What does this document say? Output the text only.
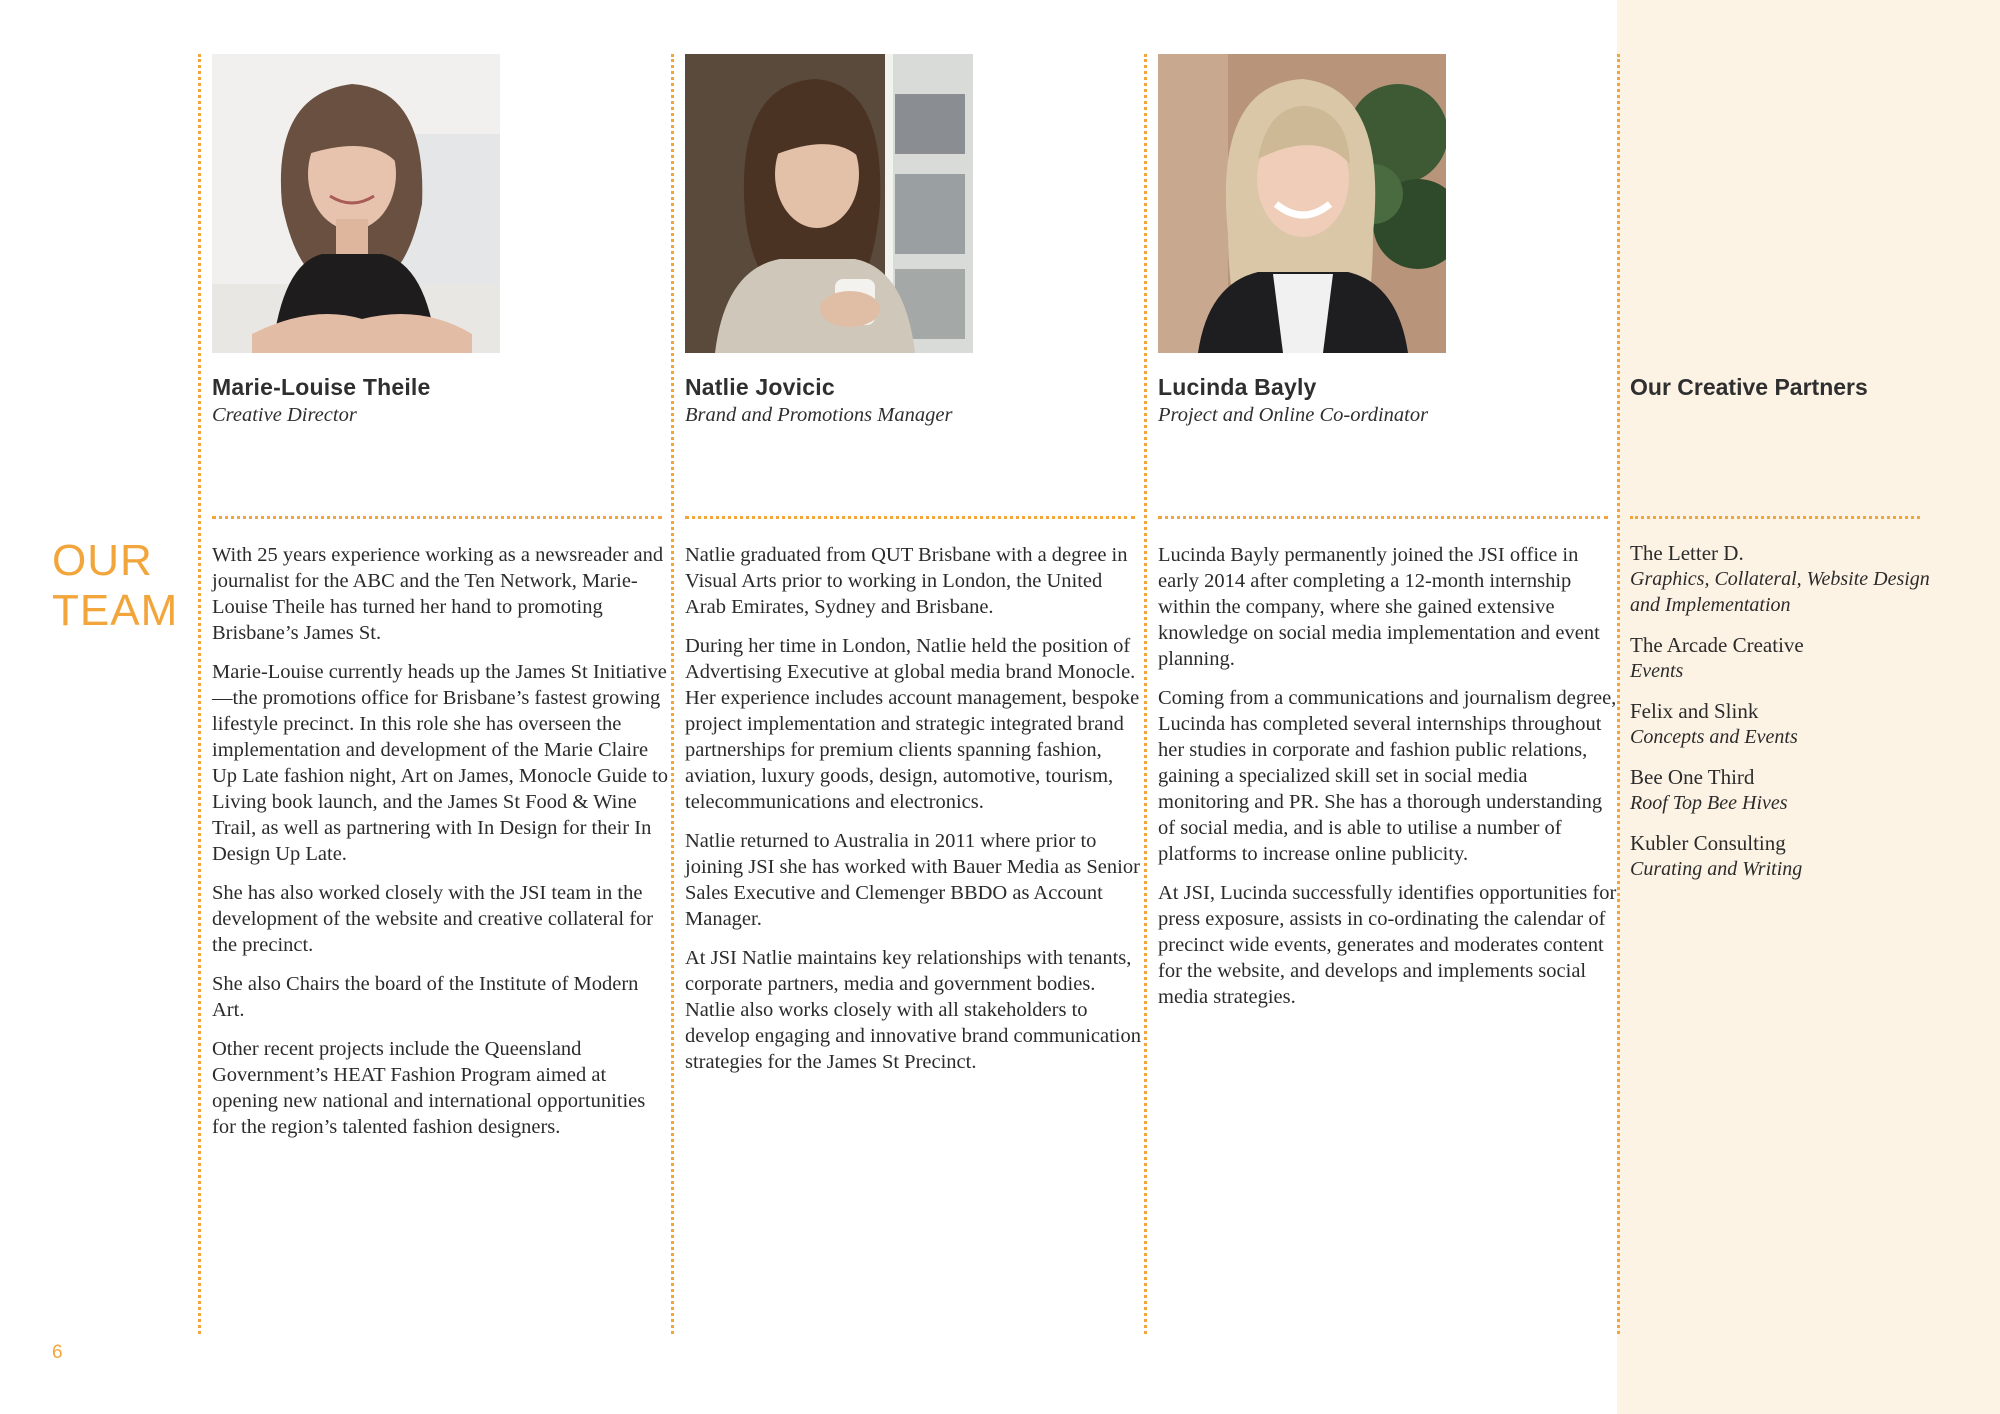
OUR
TEAM
Marie-Louise Theile

Creative Director

Natlie Jovicic

Brand and Promotions Manager

Lucinda Bayly

Project and Online Co-ordinator

Our Creative Partners

With 25 years experience working as a newsreader and journalist for the ABC and the Ten Network, Marie-Louise Theile has turned her hand to promoting Brisbane’s James St.

Marie-Louise currently heads up the James St Initiative—the promotions office for Brisbane’s fastest growing lifestyle precinct. In this role she has overseen the implementation and development of the Marie Claire Up Late fashion night, Art on James, Monocle Guide to Living book launch, and the James St Food & Wine Trail, as well as partnering with In Design for their In Design Up Late.

She has also worked closely with the JSI team in the development of the website and creative collateral for the precinct.

She also Chairs the board of the Institute of Modern Art.

Other recent projects include the Queensland Government’s HEAT Fashion Program aimed at opening new national and international opportunities for the region’s talented fashion designers.

Natlie graduated from QUT Brisbane with a degree in Visual Arts prior to working in London, the United Arab Emirates, Sydney and Brisbane.

During her time in London, Natlie held the position of Advertising Executive at global media brand Monocle. Her experience includes account management, bespoke project implementation and strategic integrated brand partnerships for premium clients spanning fashion, aviation, luxury goods, design, automotive, tourism, telecommunications and electronics.

Natlie returned to Australia in 2011 where prior to joining JSI she has worked with Bauer Media as Senior Sales Executive and Clemenger BBDO as Account Manager.

At JSI Natlie maintains key relationships with tenants, corporate partners, media and government bodies. Natlie also works closely with all stakeholders to develop engaging and innovative brand communication strategies for the James St Precinct.

Lucinda Bayly permanently joined the JSI office in early 2014 after completing a 12-month internship within the company, where she gained extensive knowledge on social media implementation and event planning.

Coming from a communications and journalism degree, Lucinda has completed several internships throughout her studies in corporate and fashion public relations, gaining a specialized skill set in social media monitoring and PR. She has a thorough understanding of social media, and is able to utilise a number of platforms to increase online publicity.

At JSI, Lucinda successfully identifies opportunities for press exposure, assists in co-ordinating the calendar of precinct wide events, generates and moderates content for the website, and develops and implements social media strategies.

The Letter D.
Graphics, Collateral, Website Design and Implementation
The Arcade Creative
Events
Felix and Slink
Concepts and Events
Bee One Third
Roof Top Bee Hives
Kubler Consulting
Curating and Writing
6
